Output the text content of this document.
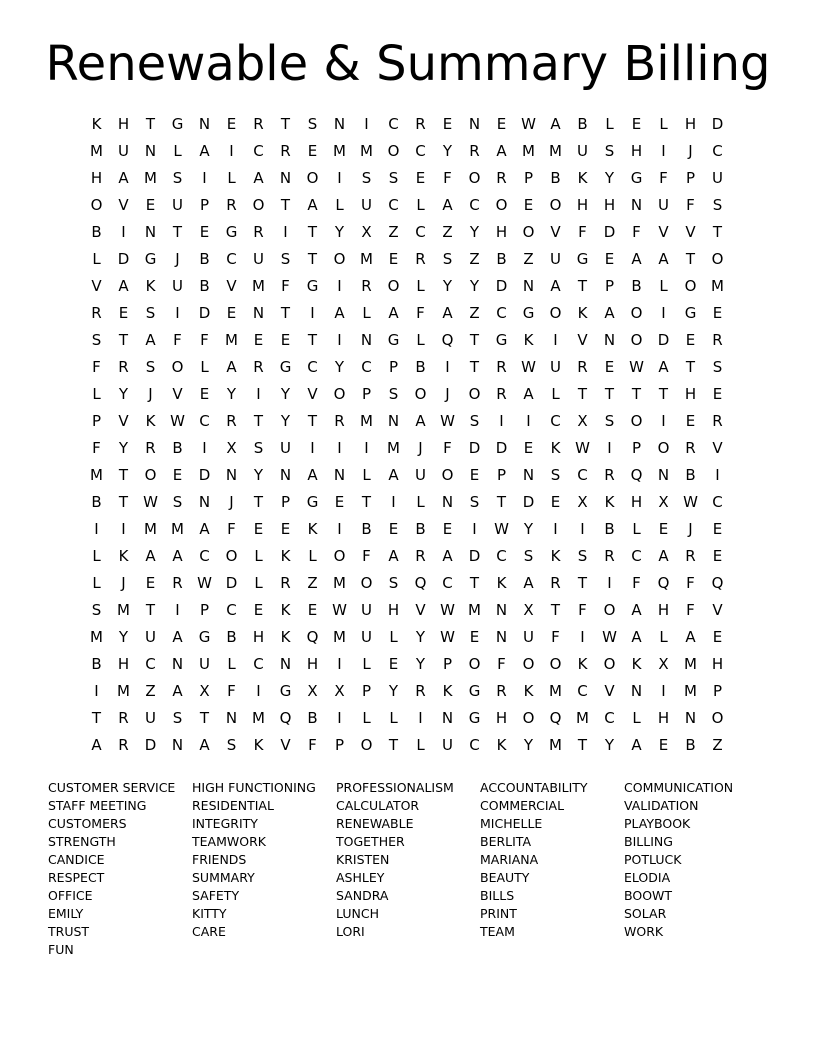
Renewable & Summary Billing
K	H	T	G	N	E	R	T	S	N	I	C	R	E	N	E W A	B	L	E	L	H	D
M	U	N	L	A	I	C	R	E	M M O	C	Y	R	A	M M	U	S	H	I	J	C
H	A	M	S	I	L	A	N	O	I	S	S	E	F	O	R	P	B	K	Y	G	F	P	U
O	V	E	U	P	R	O	T	A	L	U	C	L	A	C	O	E	O	H	H	N	U	F	S
B	I	N	T	E	G	R	I	T	Y	X	Z	C	Z	Y	H	O	V	F	D	F	V	V	T
L	D	G	J	B	C	U	S	T	O M	E	R	S	Z	B	Z	U	G	E	A	A	T	O
V	A	K	U	B	V	M	F	G	I	R	O	L	Y	Y	D	N	A	T	P	B	L	O M
R	E	S	I	D	E	N	T	I	A	L	A	F	A	Z	C	G	O	K	A	O	I	G	E
S	T	A	F	F	M	E	E	T	I	N	G	L	Q	T	G	K	I	V	N	O	D	E	R
F	R	S	O	L	A	R	G	C	Y	C	P	B	I	T	R W U	R	E W A	T	S
L	Y	J	V	E	Y	I	Y	V	O	P	S	O	J	O	R	A	L	T	T	T	T	H	E
P	V	K W C	R	T	Y	T	R	M N	A W S	I	I	C	X	S	O	I	E	R
F	Y	R	B	I	X	S	U	I	I	I	M	J	F	D	D	E	K W	I	P	O	R	V
M	T	O	E	D	N	Y	N	A	N	L	A	U	O	E	P	N	S	C	R	Q	N	B	I
B	T	W S	N	J	T	P	G	E	T	I	L	N	S	T	D	E	X	K	H	X W C
I	I	M M	A	F	E	E	K	I	B	E	B	E	I	W Y	I	I	B	L	E	J	E
L	K	A	A	C	O	L	K	L	O	F	A	R	A	D	C	S	K	S	R	C	A	R	E
L	J	E	R W D	L	R	Z	M O	S	Q	C	T	K	A	R	T	I	F	Q	F	Q
S	M	T	I	P	C	E	K	E W U	H	V W M N	X	T	F	O	A	H	F	V
M	Y	U	A	G	B	H	K	Q M	U	L	Y	W E	N	U	F	I	W A	L	A	E
B	H	C	N	U	L	C	N	H	I	L	E	Y	P	O	F	O	O	K	O	K	X	M H
I	M	Z	A	X	F	I	G	X	X	P	Y	R	K	G	R	K	M	C	V	N	I	M	P
T	R	U	S	T	N M Q	B	I	L	L	I	N	G	H	O	Q M	C	L	H	N	O
A	R	D	N	A	S	K	V	F	P	O	T	L	U	C	K	Y	M	T	Y	A	E	B	Z
CUSTOMER SERVICE
STAFF MEETING
CUSTOMERS
STRENGTH
CANDICE
RESPECT
OFFICE
EMILY
TRUST
FUN
HIGH FUNCTIONING
RESIDENTIAL
INTEGRITY
TEAMWORK
FRIENDS
SUMMARY
SAFETY
KITTY
CARE
PROFESSIONALISM
CALCULATOR
RENEWABLE
TOGETHER
KRISTEN
ASHLEY
SANDRA
LUNCH
LORI
ACCOUNTABILITY
COMMERCIAL
MICHELLE
BERLITA
MARIANA
BEAUTY
BILLS
PRINT
TEAM
COMMUNICATION
VALIDATION
PLAYBOOK
BILLING
POTLUCK
ELODIA
BOOWT
SOLAR
WORK
